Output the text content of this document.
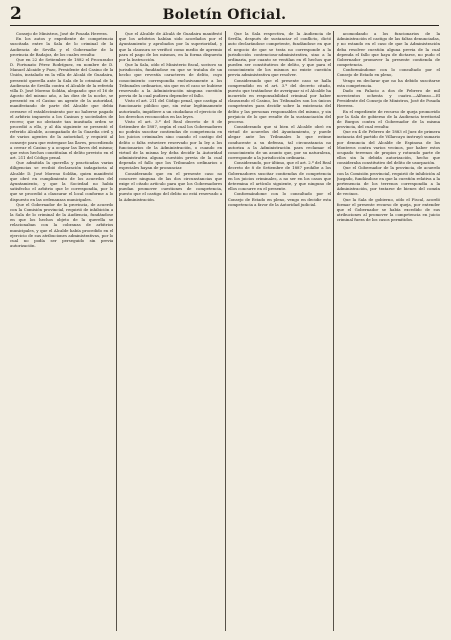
2	Boletín Oficial.

Consejo de Ministros, José de Posada Herrera.

En los autos y expediente de competencia suscitada entre la Sala de lo criminal de la Audiencia de Sevilla y el Gobernador de la provincia de Badajoz, de los cuales resulta:

Que en 22 de Setiembre de 1882 el Procurador D. Fortunato Pérez Rodríguez, en nombre de D. Manuel Alcaide y Pozo, Presidente del Casino de la Unión, instalado en la villa de Alcalá de Guadaira, presentó querella ante la Sala de lo criminal de la Audiencia de Sevilla contra el Alcalde de la referida villa D. José Moreno Soldán, alegando: que el 16 de Agosto del mismo año, a las diez de la noche, se presentó en el Casino un agente de la autoridad, manifestando de parte del Alcalde que debía cerrarse el establecimiento por no haberse pagado el arbitrio impuesto a los Casinos y sociedades de recreo; que no obstante tan inusitada orden se procedió a ello, y al día siguiente se presentó el referido Alcalde, acompañado de la Guardia civil y de varios agentes de la autoridad, y requirió al conserje para que entregase las llaves, procediendo a cerrar el Casino y a ocupar las llaves del mismo; que estos hechos constituían el delito previsto en el art. 211 del Código penal.

Que admitida la querella y practicadas varias diligencias se recibió declaración indagatoria al Alcalde D. José Moreno Soldán, quien manifestó que obró en cumplimiento de los acuerdos del Ayuntamiento, y que la Sociedad no había satisfecho el arbitrio que le correspondía, por lo que se procedió a clausurar el local conforme a lo dispuesto en las ordenanzas municipales.

Que el Gobernador de la provincia, de acuerdo con la Comisión provincial, requirió de inhibición a la Sala de lo criminal de la Audiencia, fundándose en que los hechos objeto de la querella se relacionaban con la cobranza de arbitrios municipales, y que el Alcalde había procedido en el ejercicio de sus atribuciones administrativas, por lo cual no podía ser perseguido sin previa autorización.

Que el Alcalde de Alcalá de Guadaira manifestó que los arbitrios habían sido acordados por el Ayuntamiento y aprobados por la superioridad, y que la clausura se verificó como medio de apremio para el pago de los mismos, en la forma dispuesta por la Instrucción.

Que la Sala, oído el Ministerio fiscal, sostuvo su jurisdicción, fundándose en que se trataba de un hecho que revestía caracteres de delito, cuyo conocimiento correspondía exclusivamente a los Tribunales ordinarios, sin que en el caso se hubiese reservado a la Administración ninguna cuestión previa de la cual pudiera depender el fallo.

Visto el art. 211 del Código penal, que castiga al funcionario público que, sin estar legítimamente autorizado, impidiere a un ciudadano el ejercicio de los derechos reconocidos en las leyes.

Visto el art. 3.º del Real decreto de 8 de Setiembre de 1887, según el cual los Gobernadores no podrán suscitar contiendas de competencia en los juicios criminales sino cuando el castigo del delito o falta estuviere reservado por la ley a los funcionarios de la Administración, o cuando en virtud de la misma ley deba decidir la Autoridad administrativa alguna cuestión previa de la cual dependa el fallo que los Tribunales ordinarios o especiales hayan de pronunciar.

Considerando que en el presente caso no concurre ninguna de las dos circunstancias que exige el citado artículo para que los Gobernadores puedan promover cuestiones de competencia, puesto que el castigo del delito no está reservado a la Administración.

Que la Sala respectiva, de la Audiencia de Sevilla, después de sustanciar el conflicto, dictó auto declarándose competente, fundándose en que el negocio de que se trata no corresponde a la jurisdicción contencioso-administrativa, sino a la ordinaria, por cuanto se ventilan en él hechos que pueden ser constitutivos de delito, y que para el conocimiento de los mismos no existe cuestión previa administrativa que resolver.

Considerando que el presente caso se halla comprendido en el art. 3.º del decreto citado, puesto que tratándose de averiguar si el Alcalde ha incurrido en responsabilidad criminal por haber clausurado el Casino, los Tribunales son los únicos competentes para decidir sobre la existencia del delito y las personas responsables del mismo, y sin perjuicio de lo que resulte de la sustanciación del proceso.

Considerando que si bien el Alcalde obró en virtud de acuerdos del Ayuntamiento, y puede alegar ante los Tribunales lo que estime conducente a su defensa, tal circunstancia no autoriza a la Administración para reclamar el conocimiento de un asunto que, por su naturaleza, corresponde a la jurisdicción ordinaria.

Considerando, por último, que el art. 2.º del Real decreto de 8 de Setiembre de 1887 prohíbe a los Gobernadores suscitar contiendas de competencia en los juicios criminales, a no ser en los casos que determina el artículo siguiente, y que ninguno de ellos concurre en el presente.

Conformándome con lo consultado por el Consejo de Estado en pleno, vengo en decidir esta competencia a favor de la Autoridad judicial.

acomodando a los funcionarios de la Administración el castigo de las faltas denunciadas, y no estando en el caso de que la Administración deba resolver cuestión alguna previa de la cual dependa el fallo que haya de dictarse, no pudo el Gobernador promover la presente contienda de competencia.

Conformándome con lo consultado por el Consejo de Estado en pleno,

Vengo en declarar que no ha debido suscitarse esta competencia.

Dado en Palacio a dos de Febrero de mil novecientos ochenta y cuatro.—Alfonso.—El Presidente del Consejo de Ministros, José de Posada Herrera.

En el expediente de recurso de queja promovido por la Sala de gobierno de la Audiencia territorial de Burgos contra el Gobernador de la misma provincia, del cual resulta:

Que en 4 de Febrero de 1883 el Juez de primera instancia del partido de Villarcayo instruyó sumario por denuncia del Alcalde de Espinosa de los Monteros contra varios vecinos, por haber estos ocupado terrenos de propios y roturado parte de ellos sin la debida autorización, hecho que consideraba constitutivo del delito de usurpación.

Que el Gobernador de la provincia, de acuerdo con la Comisión provincial, requirió de inhibición al Juzgado, fundándose en que la cuestión relativa a la pertenencia de los terrenos correspondía a la Administración, por tratarse de bienes del común de vecinos.

Que la Sala de gobierno, oído el Fiscal, acordó formar el presente recurso de queja, por entender que el Gobernador se había excedido de sus atribuciones al promover la competencia en juicio criminal fuera de los casos permitidos.
